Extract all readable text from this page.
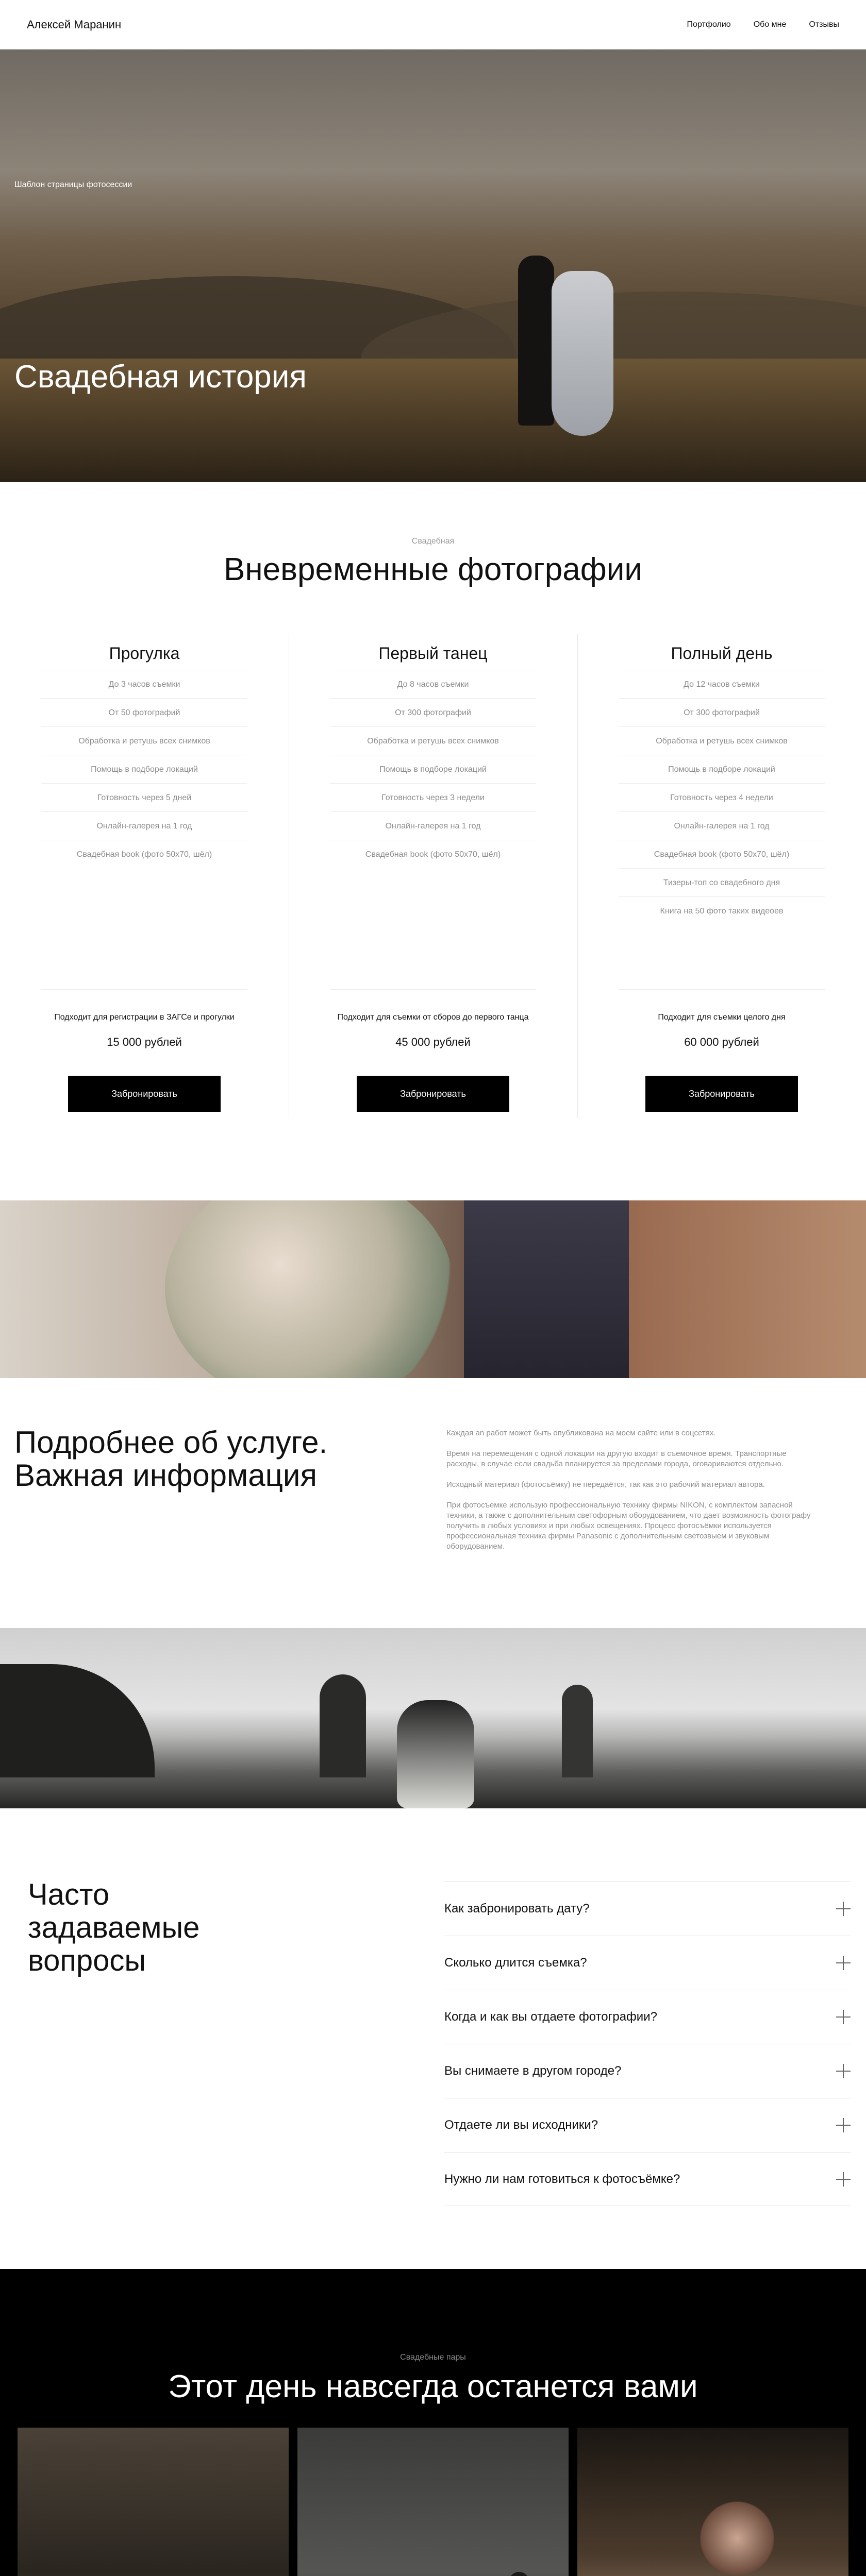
Алексей Маранин	Портфолио	Обо мне	Отзывы
Шаблон страницы фотосессии
Свадебная история
Свадебная
Вневременные фотографии
Прогулка
До 3 часов съемки
От 50 фотографий
Обработка и ретушь всех снимков
Помощь в подборе локаций
Готовность через 5 дней
Онлайн-галерея на 1 год
Свадебная book (фото 50x70, шёл)
Подходит для регистрации в ЗАГСе и прогулки
15 000 рублей
Забронировать
Первый танец
До 8 часов съемки
От 300 фотографий
Обработка и ретушь всех снимков
Помощь в подборе локаций
Готовность через 3 недели
Онлайн-галерея на 1 год
Свадебная book (фото 50x70, шёл)
Подходит для съемки от сборов до первого танца
45 000 рублей
Забронировать
Полный день
До 12 часов съемки
От 300 фотографий
Обработка и ретушь всех снимков
Помощь в подборе локаций
Готовность через 4 недели
Онлайн-галерея на 1 год
Свадебная book (фото 50x70, шёл)
Тизеры-топ со свадебного дня
Книга на 50 фото таких видеоев
Подходит для съемки целого дня
60 000 рублей
Забронировать
Подробнее об услуге. Важная информация

Каждая an работ может быть опубликована на моем сайте или в соцсетях.

Время на перемещения с одной локации на другую входит в съемочное время. Транспортные расходы, в случае если свадьба планируется за пределами города, оговариваются отдельно.

Исходный материал (фотосъёмку) не передаётся, так как это рабочий материал автора.

При фотосъемке использую профессиональную технику фирмы NIKON, с комплектом запасной техники, а также с дополнительным светофорным оборудованием, что дает возможность фотографу получить в любых условиях и при любых освещениях. Процесс фотосъёмки используется профессиональная техника фирмы Panasonic с дополнительным светозвыем и звуковым оборудованием.

Часто задаваемые вопросы
Как забронировать дату?
Сколько длится съемка?
Когда и как вы отдаете фотографии?
Вы снимаете в другом городе?
Отдаете ли вы исходники?
Нужно ли нам готовиться к фотосъёмке?
Свадебные пары
Этот день навсегда останется вами
